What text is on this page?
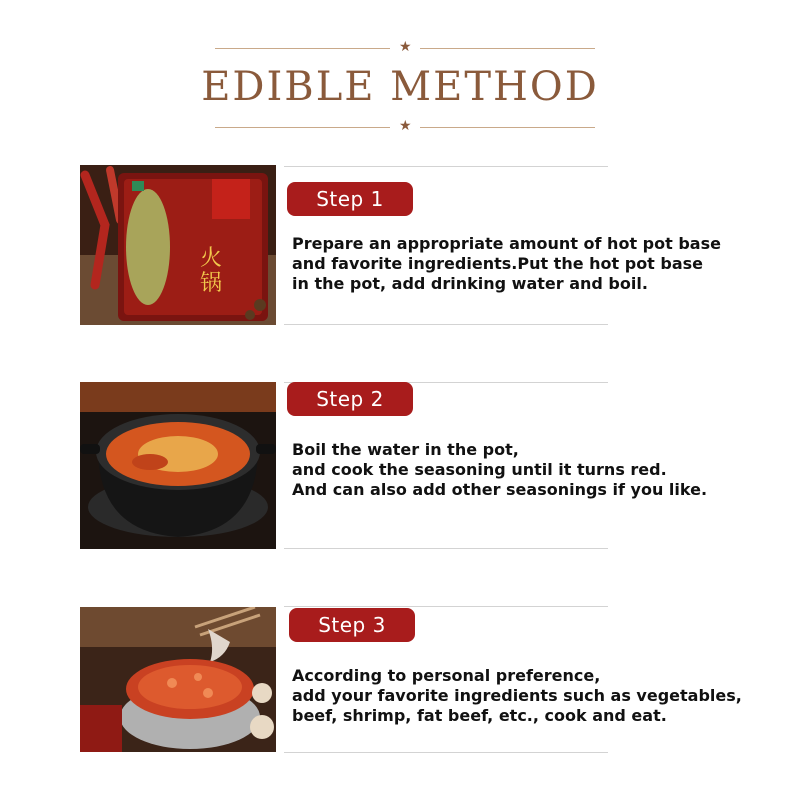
★
EDIBLE METHOD
★
火
锅
Step 1
Prepare an appropriate amount of hot pot base
and favorite ingredients.Put the hot pot base
in the pot, add drinking water and boil.
Step 2
Boil the water in the pot,
and cook the seasoning until it turns red.
And can also add other seasonings if you like.
Step 3
According to personal preference,
add your favorite ingredients such as vegetables,
beef, shrimp, fat beef, etc., cook and eat.
